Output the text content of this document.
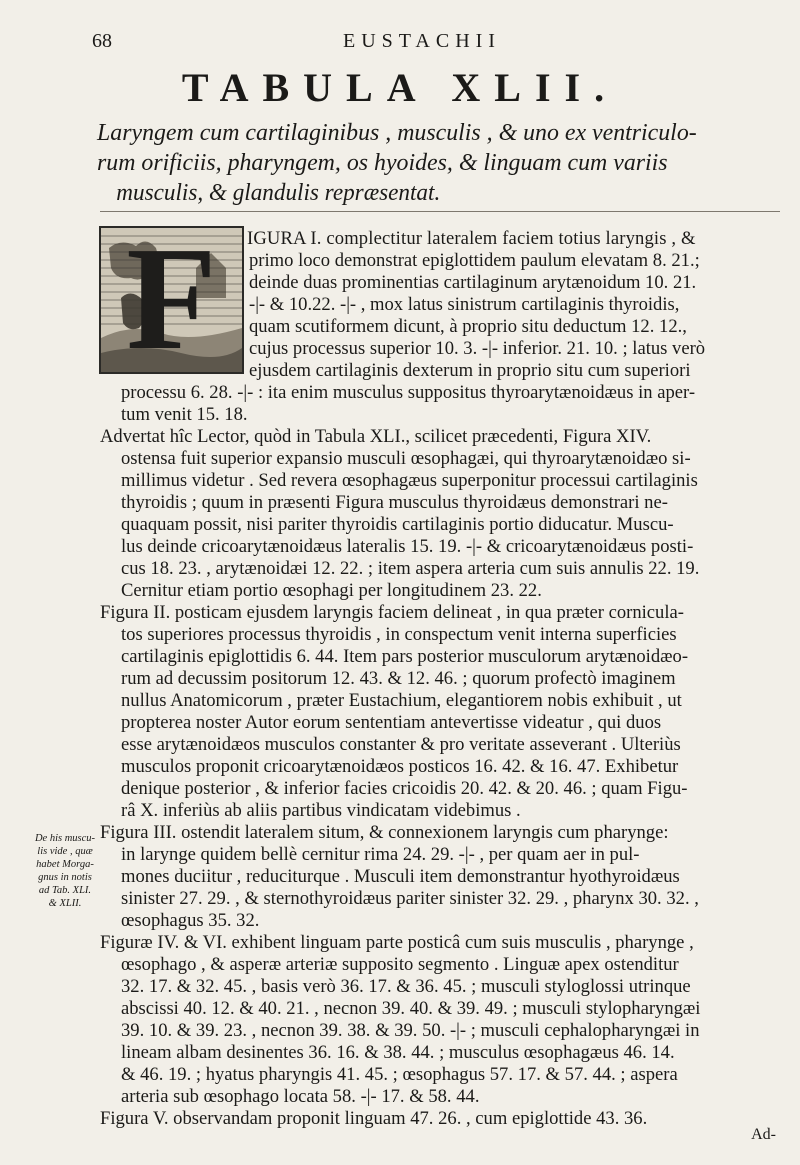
68	EUSTACHII
TABULA XLII.
Laryngem cum cartilaginibus , musculis , & uno ex ventriculo-
rum orificiis, pharyngem, os hyoides, & linguam cum variis
musculis, & glandulis repræsentat.
F	IGURA I. complectitur lateralem faciem totius laryngis , &
primo loco demonstrat epiglottidem paulum elevatam 8. 21.;
deinde duas prominentias cartilaginum arytænoidum 10. 21.
-|- & 10.22. -|- , mox latus sinistrum cartilaginis thyroidis,
quam scutiformem dicunt, à proprio situ deductum 12. 12.,
cujus processus superior 10. 3. -|- inferior. 21. 10. ; latus verò
ejusdem cartilaginis dexterum in proprio situ cum superiori
processu 6. 28. -|- : ita enim musculus suppositus thyroarytænoidæus in aper-
tum venit 15. 18.
Advertat hîc Lector, quòd in Tabula XLI., scilicet præcedenti, Figura XIV.
ostensa fuit superior expansio musculi œsophagæi, qui thyroarytænoidæo si-
millimus videtur . Sed revera œsophagæus superponitur processui cartilaginis
thyroidis ; quum in præsenti Figura musculus thyroidæus demonstrari ne-
quaquam possit, nisi pariter thyroidis cartilaginis portio diducatur. Muscu-
lus deinde cricoarytænoidæus lateralis 15. 19. -|- & cricoarytænoidæus posti-
cus 18. 23. , arytænoidæi 12. 22. ; item aspera arteria cum suis annulis 22. 19.
Cernitur etiam portio œsophagi per longitudinem 23. 22.
Figura II. posticam ejusdem laryngis faciem delineat , in qua præter cornicula-
tos superiores processus thyroidis , in conspectum venit interna superficies
cartilaginis epiglottidis 6. 44. Item pars posterior musculorum arytænoidæo-
rum ad decussim positorum 12. 43. & 12. 46. ; quorum profectò imaginem
nullus Anatomicorum , præter Eustachium, elegantiorem nobis exhibuit , ut
propterea noster Autor eorum sententiam antevertisse videatur , qui duos
esse arytænoidæos musculos constanter & pro veritate asseverant . Ulteriùs
musculos proponit cricoarytænoidæos posticos 16. 42. & 16. 47. Exhibetur
denique posterior , & inferior facies cricoidis 20. 42. & 20. 46. ; quam Figu-
râ X. inferiùs ab aliis partibus vindicatam videbimus .
Figura III. ostendit lateralem situm, & connexionem laryngis cum pharynge:
in larynge quidem bellè cernitur rima 24. 29. -|- , per quam aer in pul-
mones duciitur , reduciturque . Musculi item demonstrantur hyothyroidæus
sinister 27. 29. , & sternothyroidæus pariter sinister 32. 29. , pharynx 30. 32. ,
œsophagus 35. 32.
Figuræ IV. & VI. exhibent linguam parte posticâ cum suis musculis , pharynge ,
œsophago , & asperæ arteriæ supposito segmento . Linguæ apex ostenditur
32. 17. & 32. 45. , basis verò 36. 17. & 36. 45. ; musculi styloglossi utrinque
abscissi 40. 12. & 40. 21. , necnon 39. 40. & 39. 49. ; musculi stylopharyngæi
39. 10. & 39. 23. , necnon 39. 38. & 39. 50. -|- ; musculi cephalopharyngæi in
lineam albam desinentes 36. 16. & 38. 44. ; musculus œsophagæus 46. 14.
& 46. 19. ; hyatus pharyngis 41. 45. ; œsophagus 57. 17. & 57. 44. ; aspera
arteria sub œsophago locata 58. -|- 17. & 58. 44.
Figura V. observandam proponit linguam 47. 26. , cum epiglottide 43. 36.
De his muscu-
lis vide , quæ
habet Morga-
gnus in notis
ad Tab. XLI.
& XLII.
Ad-
